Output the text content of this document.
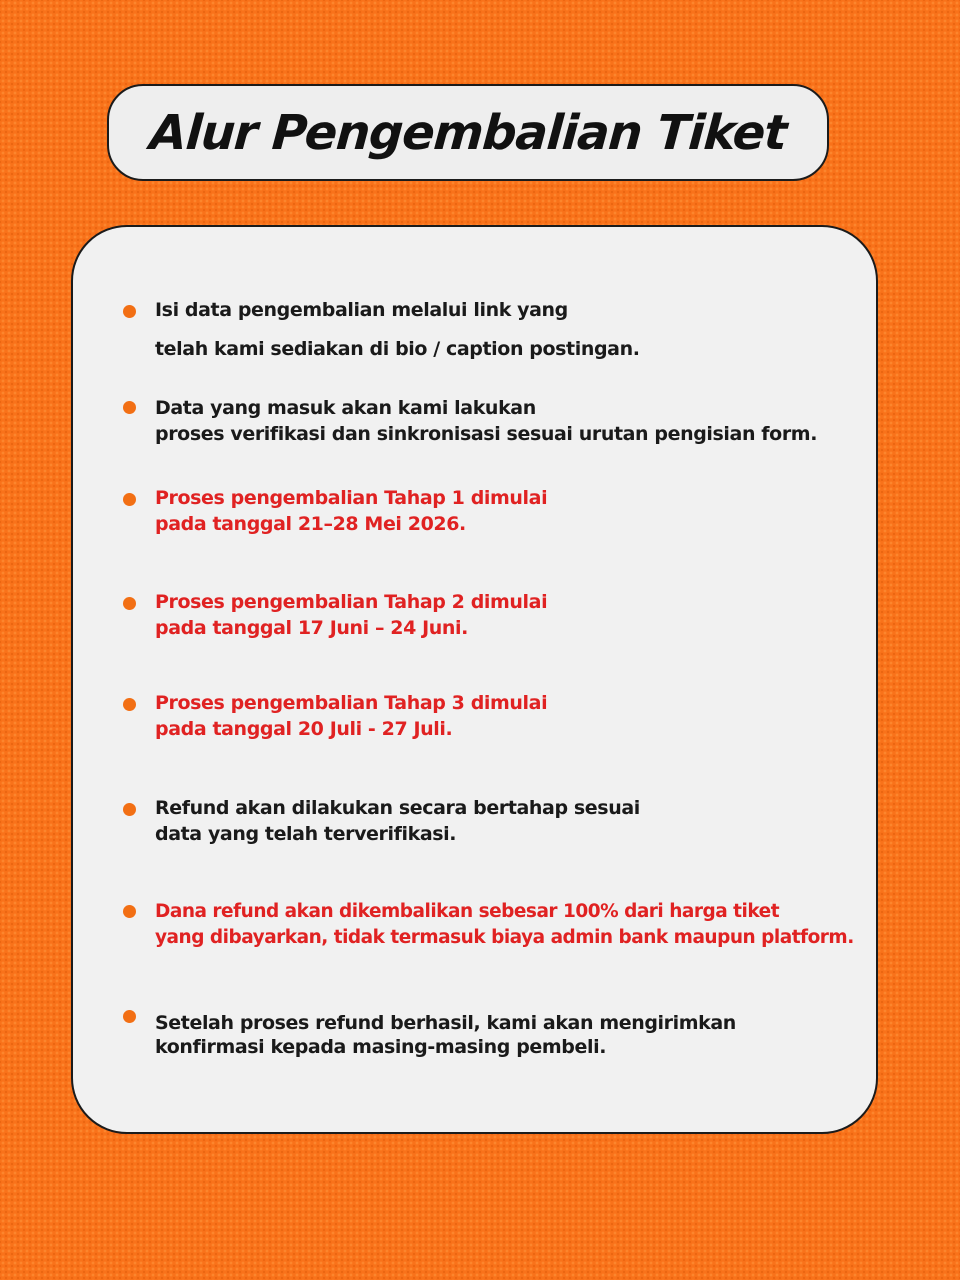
Alur Pengembalian Tiket
Isi data pengembalian melalui link yang
telah kami sediakan di bio / caption postingan.
Data yang masuk akan kami lakukan
proses verifikasi dan sinkronisasi sesuai urutan pengisian form.
Proses pengembalian Tahap 1 dimulai
pada tanggal 21–28 Mei 2026.
Proses pengembalian Tahap 2 dimulai
pada tanggal 17 Juni – 24 Juni.
Proses pengembalian Tahap 3 dimulai
pada tanggal 20 Juli - 27 Juli.
Refund akan dilakukan secara bertahap sesuai
data yang telah terverifikasi.
Dana refund akan dikembalikan sebesar 100% dari harga tiket
yang dibayarkan, tidak termasuk biaya admin bank maupun platform.
Setelah proses refund berhasil, kami akan mengirimkan
konfirmasi kepada masing-masing pembeli.
